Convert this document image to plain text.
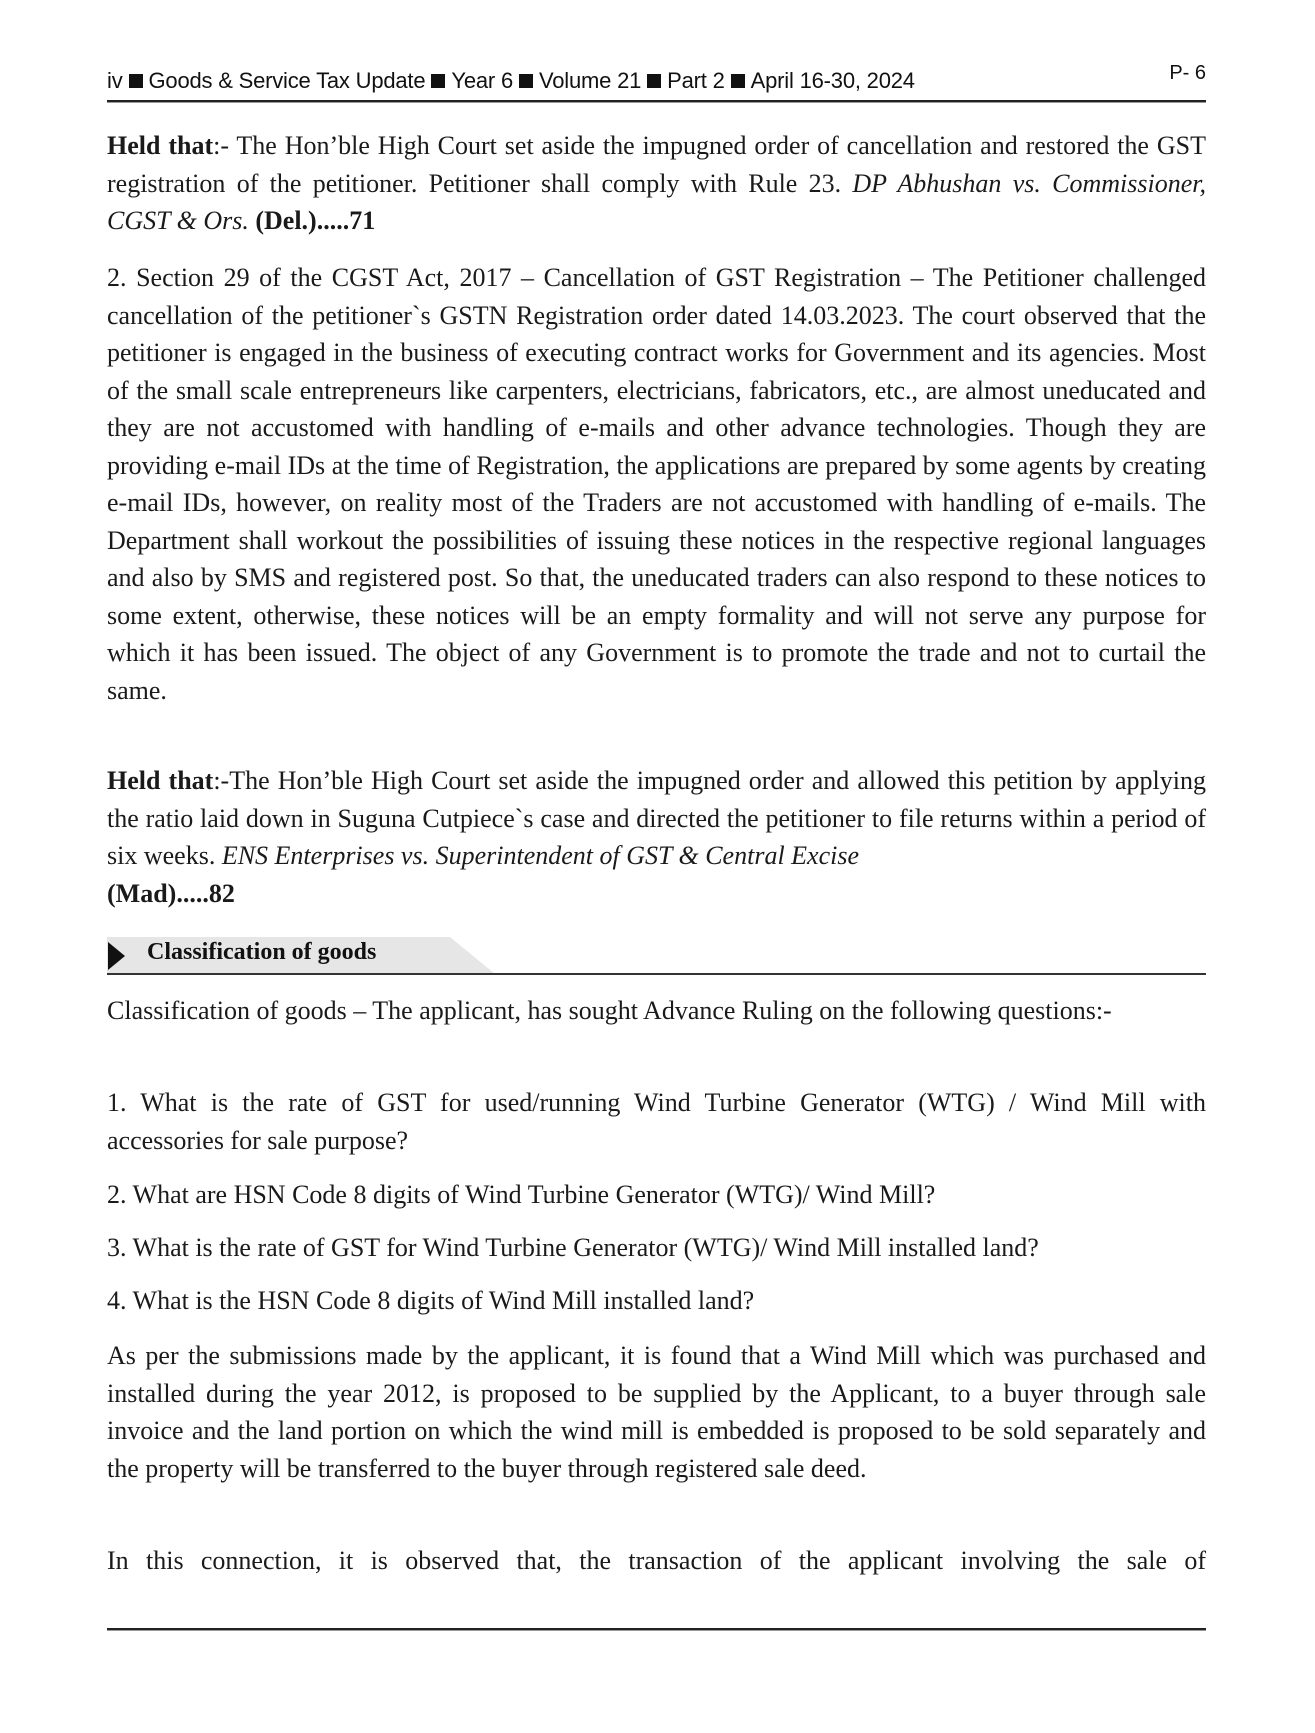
iv Goods & Service Tax Update Year 6 Volume 21 Part 2 April 16-30, 2024	P- 6
Held that:- The Hon’ble High Court set aside the impugned order of cancellation and restored the GST registration of the petitioner. Petitioner shall comply with Rule 23. DP Abhushan vs. Commissioner, CGST & Ors. (Del.).....71
2. Section 29 of the CGST Act, 2017 – Cancellation of GST Registration – The Petitioner challenged cancellation of the petitioner`s GSTN Registration order dated 14.03.2023. The court observed that the petitioner is engaged in the business of executing contract works for Government and its agencies. Most of the small scale entrepreneurs like carpenters, electricians, fabricators, etc., are almost uneducated and they are not accustomed with handling of e-mails and other advance technologies. Though they are providing e-mail IDs at the time of Registration, the applications are prepared by some agents by creating e-mail IDs, however, on reality most of the Traders are not accustomed with handling of e-mails. The Department shall workout the possibilities of issuing these notices in the respective regional languages and also by SMS and registered post. So that, the uneducated traders can also respond to these notices to some extent, otherwise, these notices will be an empty formality and will not serve any purpose for which it has been issued. The object of any Government is to promote the trade and not to curtail the same.
Held that:-The Hon’ble High Court set aside the impugned order and allowed this petition by applying the ratio laid down in Suguna Cutpiece`s case and directed the petitioner to file returns within a period of six weeks. ENS Enterprises vs. Superintendent of GST & Central Excise
(Mad).....82
Classification of goods
Classification of goods – The applicant, has sought Advance Ruling on the following questions:-
1. What is the rate of GST for used/running Wind Turbine Generator (WTG) / Wind Mill with accessories for sale purpose?
2. What are HSN Code 8 digits of Wind Turbine Generator (WTG)/ Wind Mill?
3. What is the rate of GST for Wind Turbine Generator (WTG)/ Wind Mill installed land?
4. What is the HSN Code 8 digits of Wind Mill installed land?
As per the submissions made by the applicant, it is found that a Wind Mill which was purchased and installed during the year 2012, is proposed to be supplied by the Applicant, to a buyer through sale invoice and the land portion on which the wind mill is embedded is proposed to be sold separately and the property will be transferred to the buyer through registered sale deed.
In this connection, it is observed that, the transaction of the applicant involving the sale of
